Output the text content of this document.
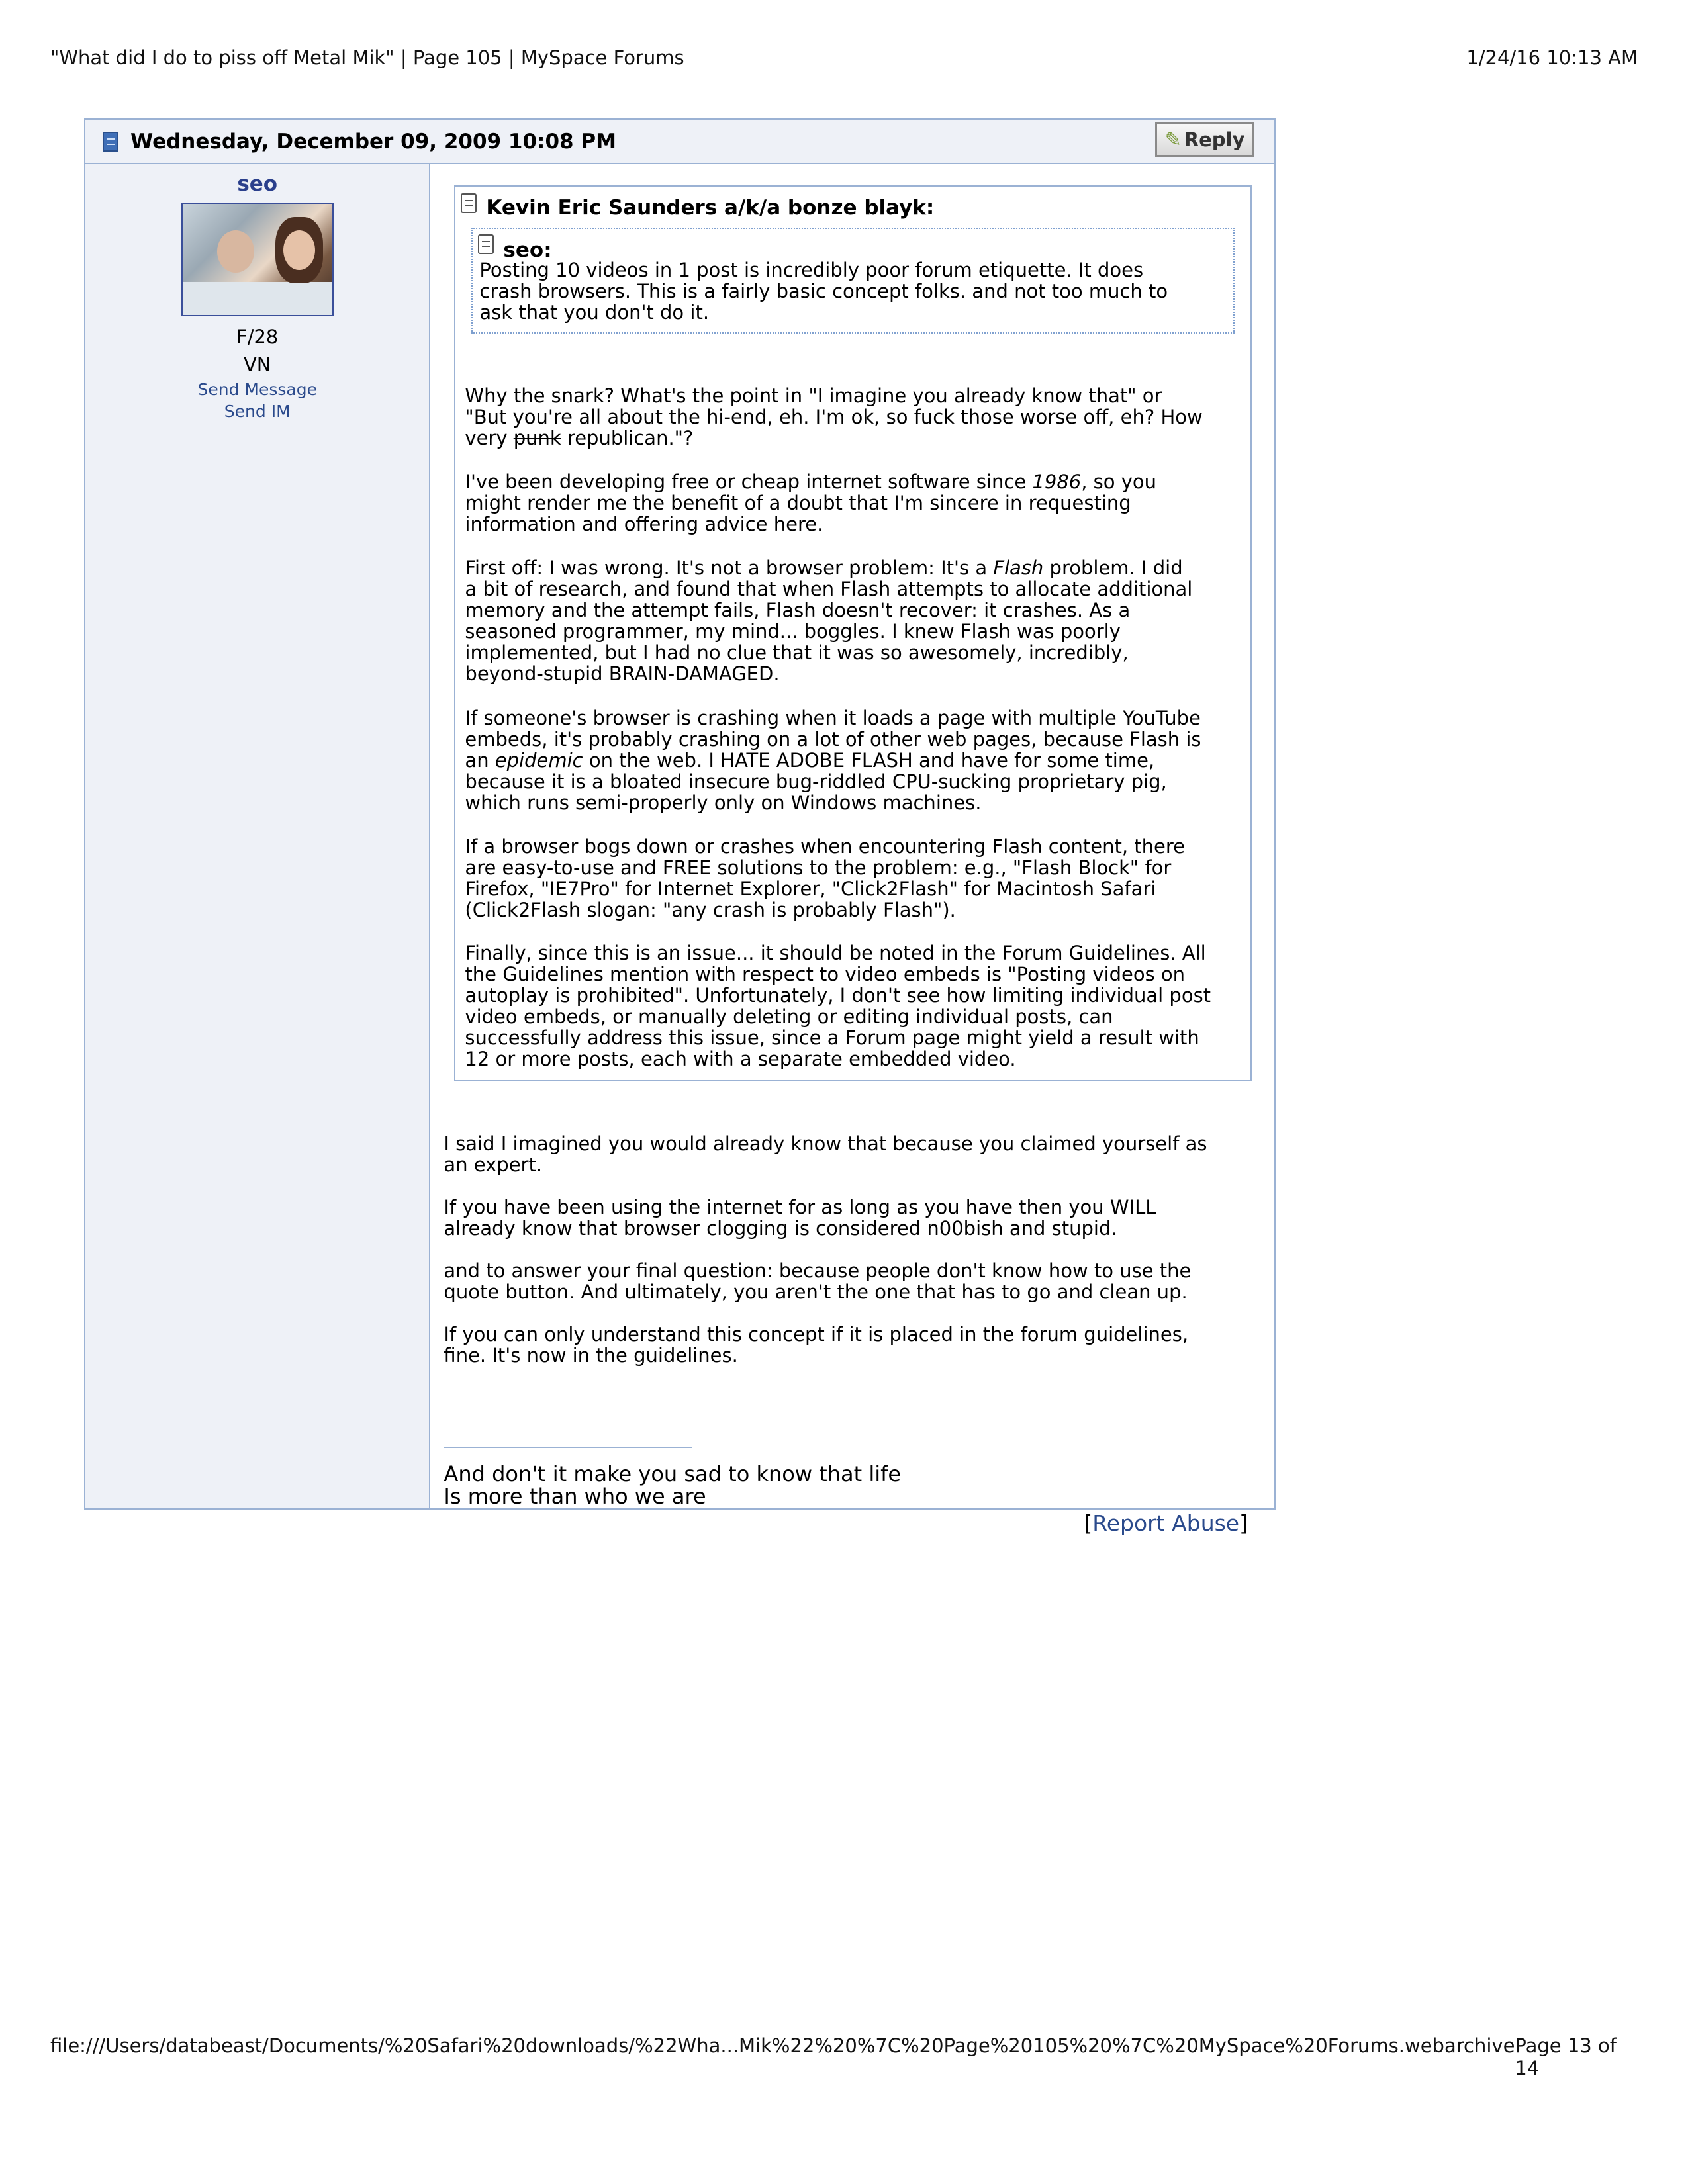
"What did I do to piss off Metal Mik" | Page 105 | MySpace Forums	1/24/16 10:13 AM
Wednesday, December 09, 2009 10:08 PM	✎ Reply
seo
F/28
VN
Send Message
Send IM
Kevin Eric Saunders a/k/a bonze blayk:
seo:

Posting 10 videos in 1 post is incredibly poor forum etiquette. It does
crash browsers. This is a fairly basic concept folks. and not too much to
ask that you don't do it.

Why the snark? What's the point in "I imagine you already know that" or
"But you're all about the hi-end, eh. I'm ok, so fuck those worse off, eh? How
very punk republican."?

I've been developing free or cheap internet software since 1986, so you
might render me the benefit of a doubt that I'm sincere in requesting
information and offering advice here.

First off: I was wrong. It's not a browser problem: It's a Flash problem. I did
a bit of research, and found that when Flash attempts to allocate additional
memory and the attempt fails, Flash doesn't recover: it crashes. As a
seasoned programmer, my mind... boggles. I knew Flash was poorly
implemented, but I had no clue that it was so awesomely, incredibly,
beyond-stupid BRAIN-DAMAGED.

If someone's browser is crashing when it loads a page with multiple YouTube
embeds, it's probably crashing on a lot of other web pages, because Flash is
an epidemic on the web. I HATE ADOBE FLASH and have for some time,
because it is a bloated insecure bug-riddled CPU-sucking proprietary pig,
which runs semi-properly only on Windows machines.

If a browser bogs down or crashes when encountering Flash content, there
are easy-to-use and FREE solutions to the problem: e.g., "Flash Block" for
Firefox, "IE7Pro" for Internet Explorer, "Click2Flash" for Macintosh Safari
(Click2Flash slogan: "any crash is probably Flash").

Finally, since this is an issue... it should be noted in the Forum Guidelines. All
the Guidelines mention with respect to video embeds is "Posting videos on
autoplay is prohibited". Unfortunately, I don't see how limiting individual post
video embeds, or manually deleting or editing individual posts, can
successfully address this issue, since a Forum page might yield a result with
12 or more posts, each with a separate embedded video.

I said I imagined you would already know that because you claimed yourself as
an expert.

If you have been using the internet for as long as you have then you WILL
already know that browser clogging is considered n00bish and stupid.

and to answer your final question: because people don't know how to use the
quote button. And ultimately, you aren't the one that has to go and clean up.

If you can only understand this concept if it is placed in the forum guidelines,
fine. It's now in the guidelines.

And don't it make you sad to know that life
Is more than who we are
[Report Abuse]
file:///Users/databeast/Documents/%20Safari%20downloads/%22Wha...Mik%22%20%7C%20Page%20105%20%7C%20MySpace%20Forums.webarchive Page 13 of 14
